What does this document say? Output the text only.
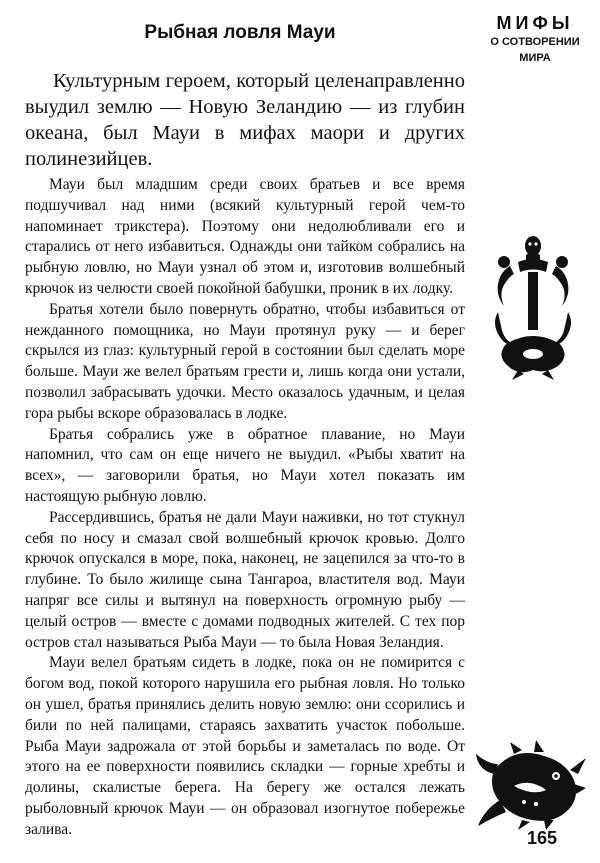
Рыбная ловля Мауи	МИФЫ
О СОТВОРЕНИИ
МИРА

Культурным героем, который целенаправленно выудил землю — Новую Зеландию — из глубин океана, был Мауи в мифах маори и других полинезийцев.

Мауи был младшим среди своих братьев и все время подшучивал над ними (всякий культурный герой чем-то напоминает трикстера). Поэтому они недолюбливали его и старались от него избавиться. Однажды они тайком собрались на рыбную ловлю, но Мауи узнал об этом и, изготовив волшебный крючок из челюсти своей покойной бабушки, проник в их лодку.

Братья хотели было повернуть обратно, чтобы избавиться от нежданного помощника, но Мауи протянул руку — и берег скрылся из глаз: культурный герой в состоянии был сделать море больше. Мауи же велел братьям грести и, лишь когда они устали, позволил забрасывать удочки. Место оказалось удачным, и целая гора рыбы вскоре образовалась в лодке.

Братья собрались уже в обратное плавание, но Мауи напомнил, что сам он еще ничего не выудил. «Рыбы хватит на всех», — заговорили братья, но Мауи хотел показать им настоящую рыбную ловлю.

Рассердившись, братья не дали Мауи наживки, но тот стукнул себя по носу и смазал свой волшебный крючок кровью. Долго крючок опускался в море, пока, наконец, не зацепился за что-то в глубине. То было жилище сына Тангароа, властителя вод. Мауи напряг все силы и вытянул на поверхность огромную рыбу — целый остров — вместе с домами подводных жителей. С тех пор остров стал называться Рыба Мауи — то была Новая Зеландия.

Мауи велел братьям сидеть в лодке, пока он не помирится с богом вод, покой которого нарушила его рыбная ловля. Но только он ушел, братья принялись делить новую землю: они ссорились и били по ней палицами, стараясь захватить участок побольше. Рыба Мауи задрожала от этой борьбы и заметалась по воде. От этого на ее поверхности появились складки — горные хребты и долины, скалистые берега. На берегу же остался лежать рыболовный крючок Мауи — он образовал изогнутое побережье залива.	165
